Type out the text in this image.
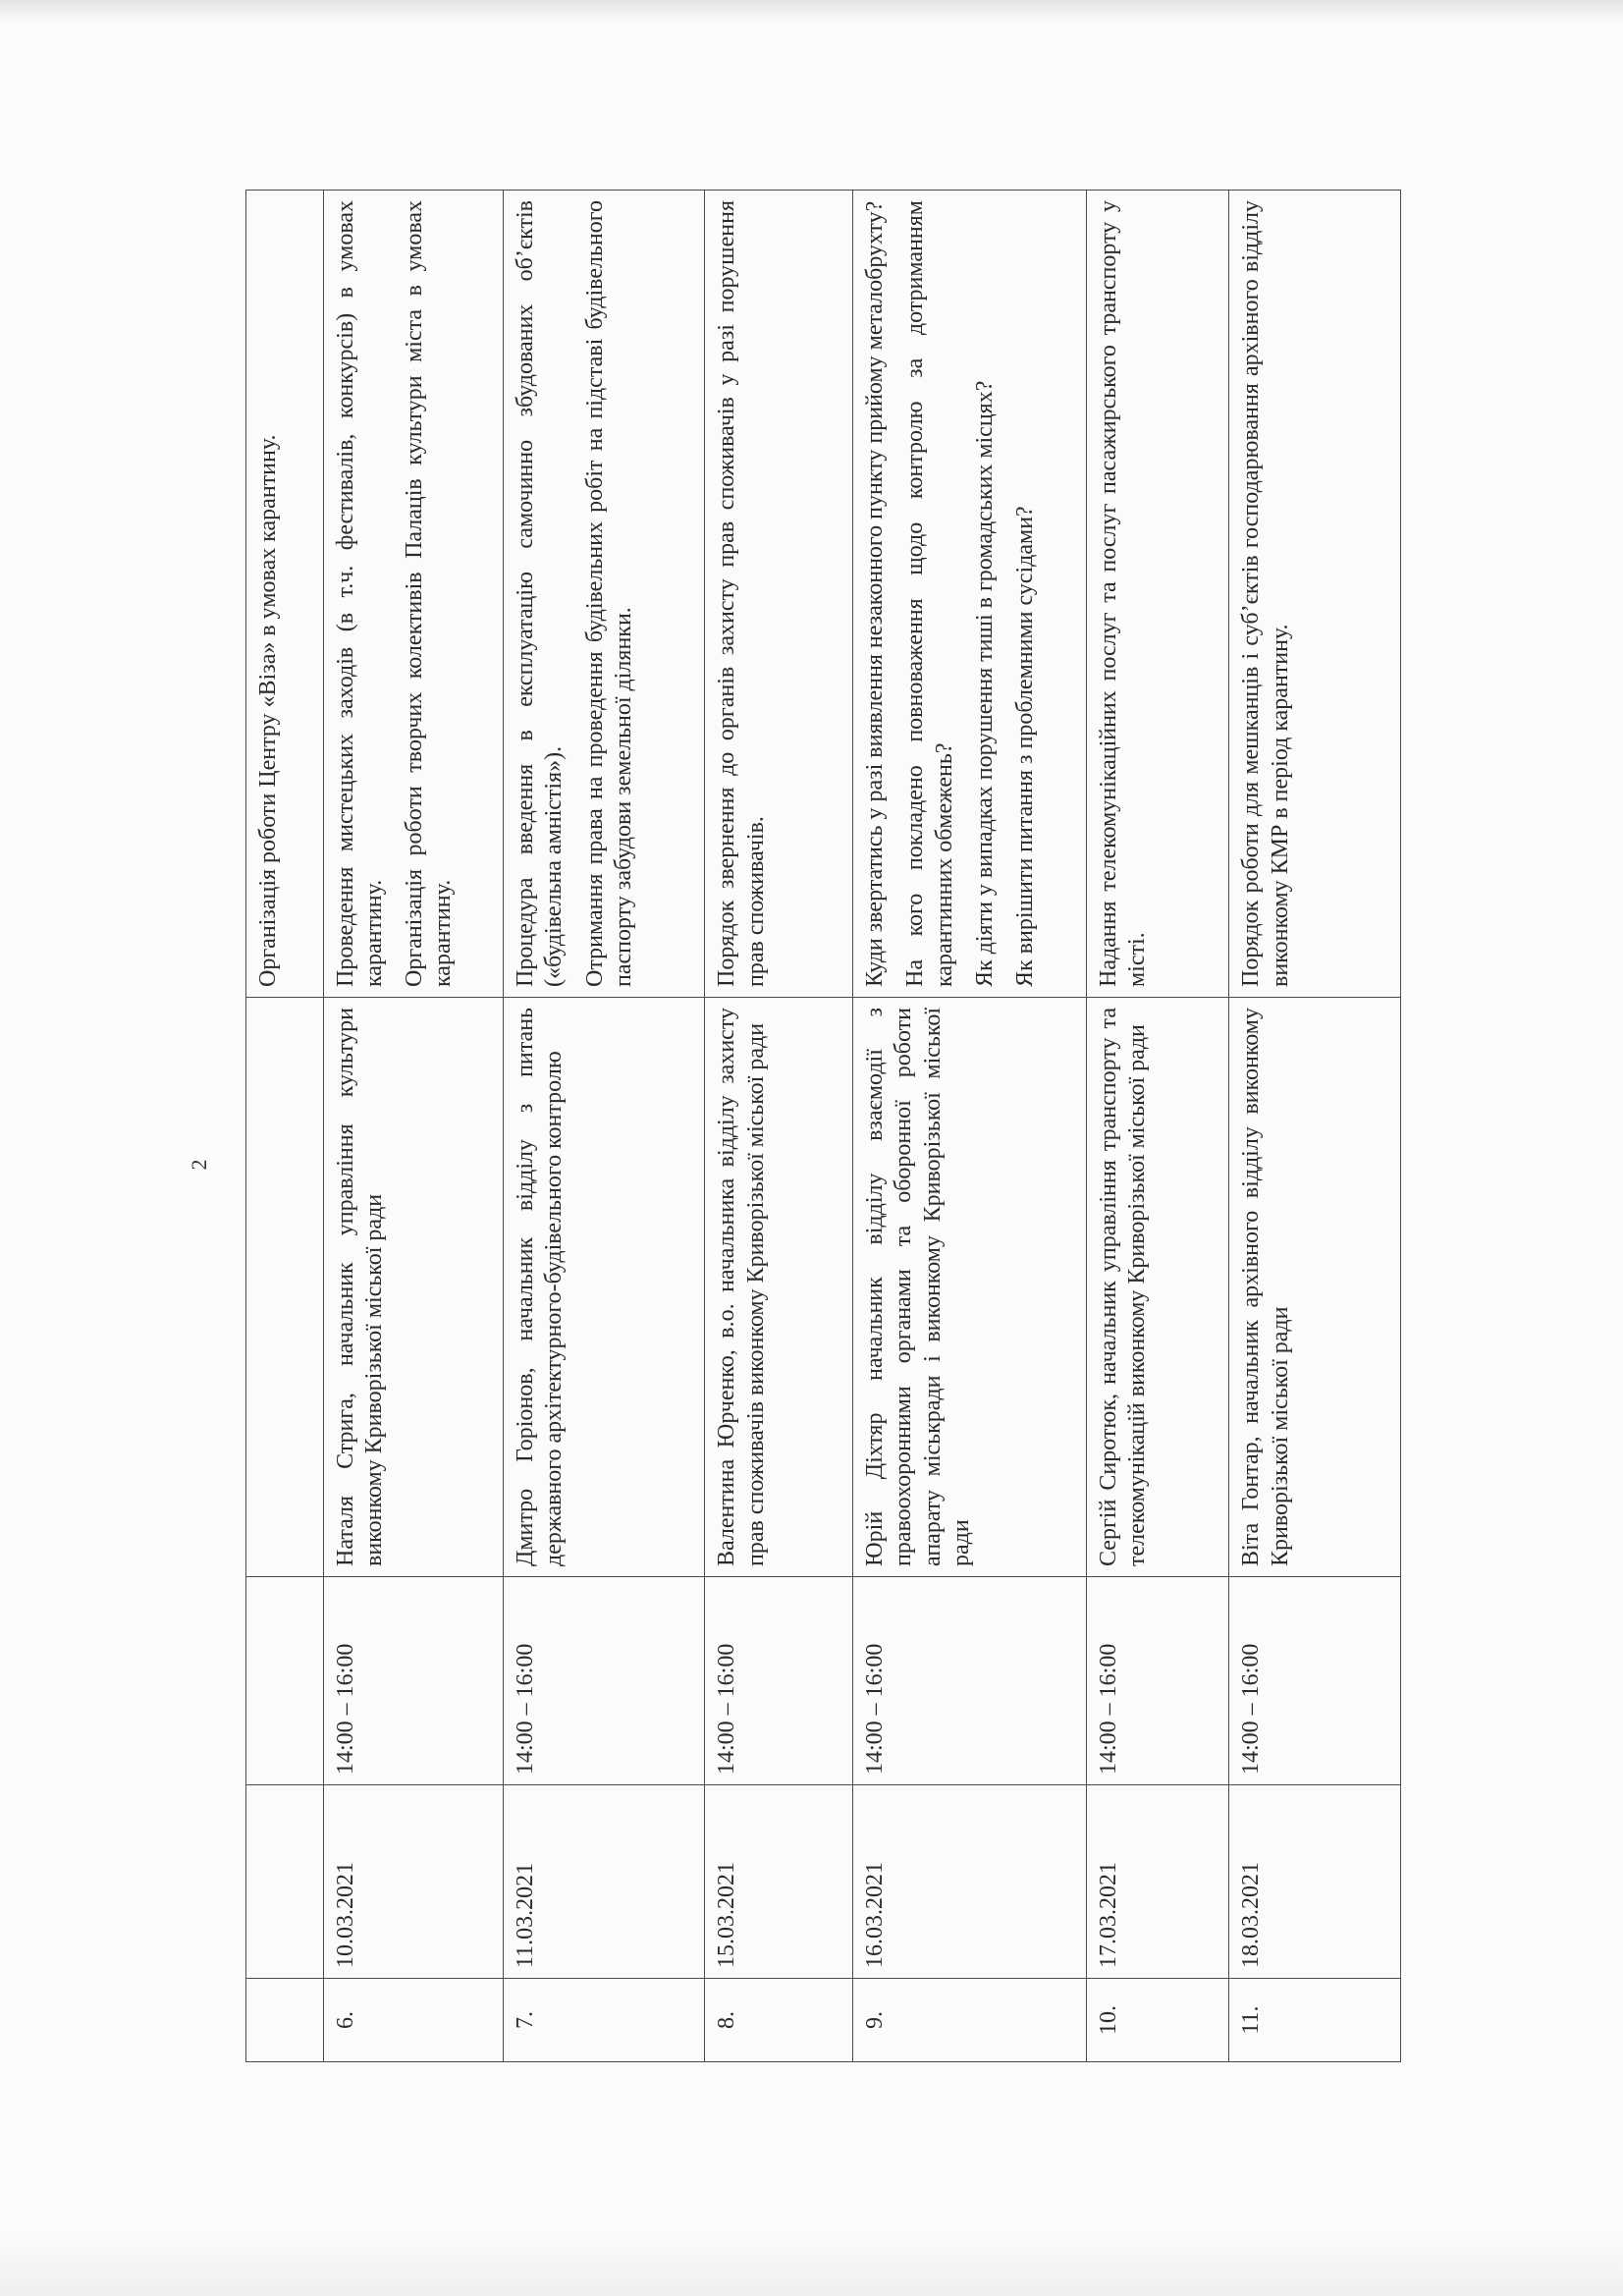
2

				Організація роботи Центру «Віза» в умовах карантину.

6.	10.03.2021	14:00 – 16:00	Наталя Стрига, начальник управління культури виконкому Криворізької міської ради	Проведення мистецьких заходів (в т.ч. фестивалів, конкурсів) в умовах карантину. Організація роботи творчих колективів Палаців культури міста в умовах карантину.

7.	11.03.2021	14:00 – 16:00	Дмитро Горіонов, начальник відділу з питань державного архітектурного-будівельного контролю	Процедура введення в експлуатацію самочинно збудованих об’єктів («будівельна амністія»). Отримання права на проведення будівельних робіт на підставі будівельного паспорту забудови земельної ділянки.

8.	15.03.2021	14:00 – 16:00	Валентина Юрченко, в.о. начальника відділу захисту прав споживачів виконкому Криворізької міської ради	Порядок звернення до органів захисту прав споживачів у разі порушення прав споживачів.

9.	16.03.2021	14:00 – 16:00	Юрій Діхтяр начальник відділу взаємодії з правоохоронними органами та оборонної роботи апарату міськради і виконкому Криворізької міської ради	Куди звертатись у разі виявлення незаконного пункту прийому металобрухту? На кого покладено повноваження щодо контролю за дотриманням карантинних обмежень? Як діяти у випадках порушення тиші в громадських місцях? Як вирішити питання з проблемними сусідами?

10.	17.03.2021	14:00 – 16:00	Сергій Сиротюк, начальник управління транспорту та телекомунікацій виконкому Криворізької міської ради	Надання телекомунікаційних послуг та послуг пасажирського транспорту у місті.

11.	18.03.2021	14:00 – 16:00	Віта Гонтар, начальник архівного відділу виконкому Криворізької міської ради	Порядок роботи для мешканців і суб’єктів господарювання архівного відділу виконкому КМР в період карантину.
